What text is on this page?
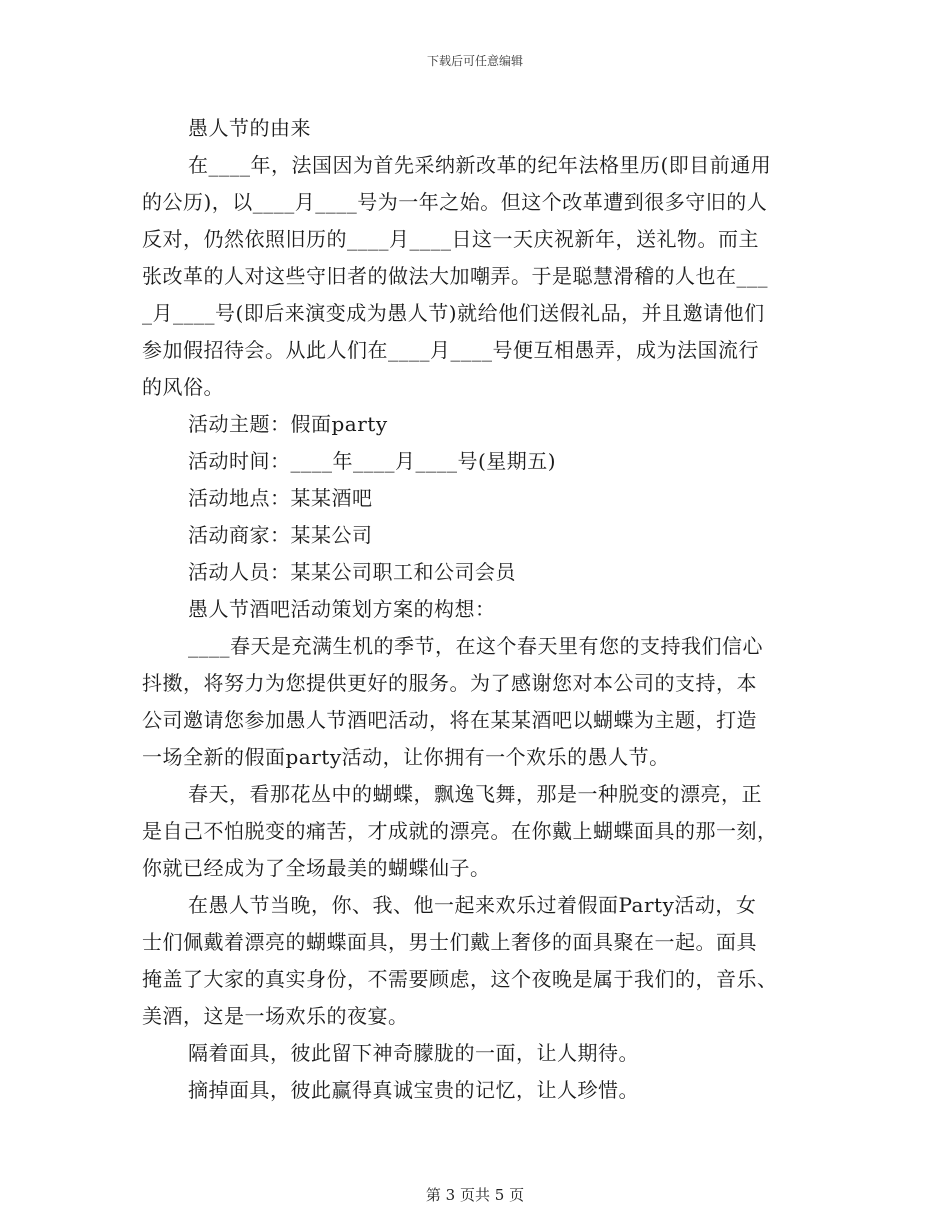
下载后可任意编辑
愚人节的由来
在____年，法国因为首先采纳新改革的纪年法格里历(即目前通用
的公历)，以____月____号为一年之始。但这个改革遭到很多守旧的人
反对，仍然依照旧历的____月____日这一天庆祝新年，送礼物。而主
张改革的人对这些守旧者的做法大加嘲弄。于是聪慧滑稽的人也在___
_月____号(即后来演变成为愚人节)就给他们送假礼品，并且邀请他们
参加假招待会。从此人们在____月____号便互相愚弄，成为法国流行
的风俗。
活动主题：假面party
活动时间：____年____月____号(星期五)
活动地点：某某酒吧
活动商家：某某公司
活动人员：某某公司职工和公司会员
愚人节酒吧活动策划方案的构想：
____春天是充满生机的季节，在这个春天里有您的支持我们信心
抖擞，将努力为您提供更好的服务。为了感谢您对本公司的支持，本
公司邀请您参加愚人节酒吧活动，将在某某酒吧以蝴蝶为主题，打造
一场全新的假面party活动，让你拥有一个欢乐的愚人节。
春天，看那花丛中的蝴蝶，飘逸飞舞，那是一种脱变的漂亮，正
是自己不怕脱变的痛苦，才成就的漂亮。在你戴上蝴蝶面具的那一刻，
你就已经成为了全场最美的蝴蝶仙子。
在愚人节当晚，你、我、他一起来欢乐过着假面Party活动，女
士们佩戴着漂亮的蝴蝶面具，男士们戴上奢侈的面具聚在一起。面具
掩盖了大家的真实身份，不需要顾虑，这个夜晚是属于我们的，音乐、
美酒，这是一场欢乐的夜宴。
隔着面具，彼此留下神奇朦胧的一面，让人期待。
摘掉面具，彼此赢得真诚宝贵的记忆，让人珍惜。
第 3 页共 5 页
